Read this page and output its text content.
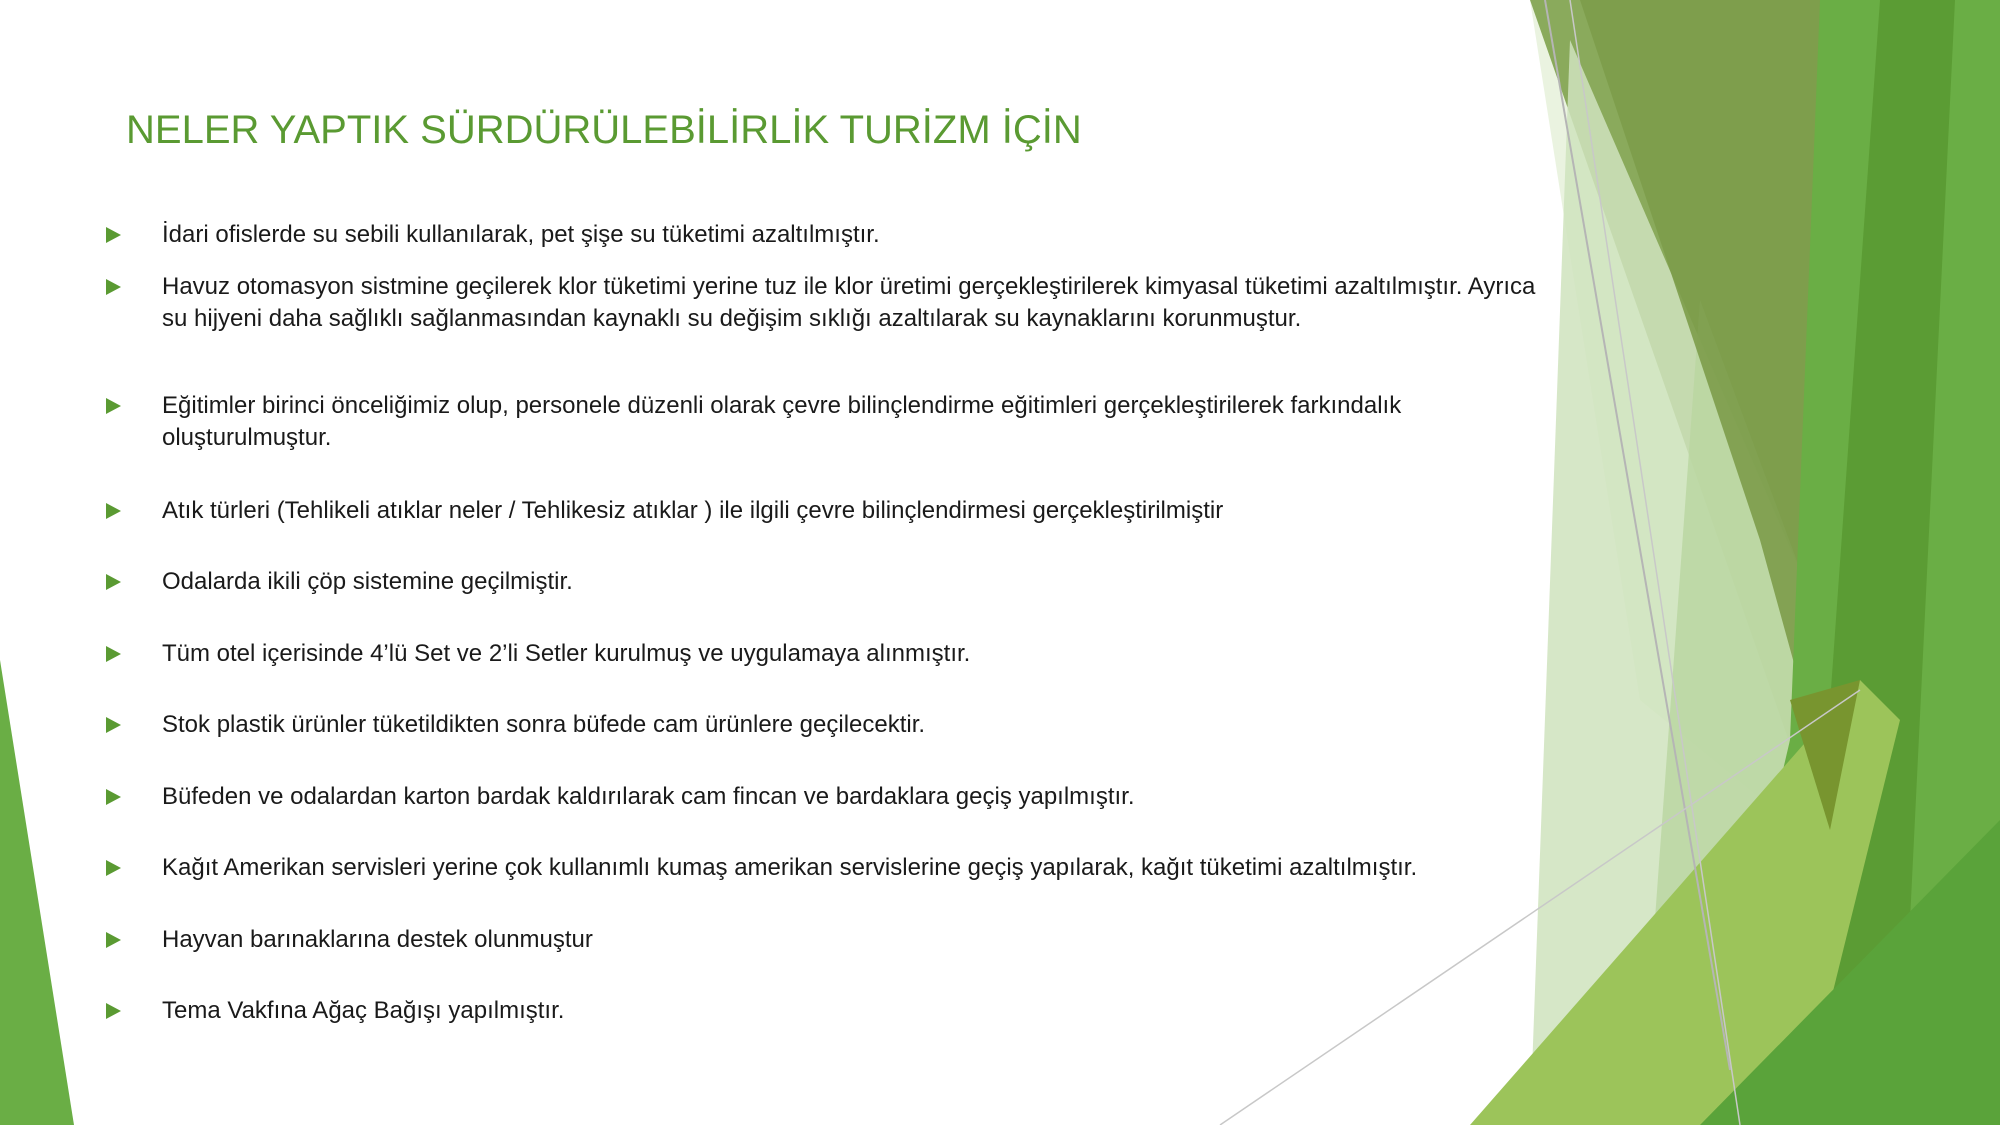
NELER YAPTIK SÜRDÜRÜLEBİLİRLİK TURİZM İÇİN
İdari ofislerde su sebili kullanılarak, pet şişe su tüketimi azaltılmıştır.
Havuz otomasyon sistmine geçilerek klor tüketimi yerine tuz ile klor üretimi gerçekleştirilerek kimyasal tüketimi azaltılmıştır. Ayrıca su hijyeni daha sağlıklı sağlanmasından kaynaklı su değişim sıklığı azaltılarak su kaynaklarını korunmuştur.
Eğitimler birinci önceliğimiz olup, personele düzenli olarak çevre bilinçlendirme eğitimleri gerçekleştirilerek farkındalık oluşturulmuştur.
Atık türleri (Tehlikeli atıklar neler / Tehlikesiz atıklar ) ile ilgili çevre bilinçlendirmesi gerçekleştirilmiştir
Odalarda ikili çöp sistemine geçilmiştir.
Tüm otel içerisinde 4’lü Set ve 2’li Setler kurulmuş ve uygulamaya alınmıştır.
Stok plastik ürünler tüketildikten sonra büfede cam ürünlere geçilecektir.
Büfeden ve odalardan karton bardak kaldırılarak cam fincan ve bardaklara geçiş yapılmıştır.
Kağıt Amerikan servisleri yerine çok kullanımlı kumaş amerikan servislerine geçiş yapılarak, kağıt tüketimi azaltılmıştır.
Hayvan barınaklarına destek olunmuştur
Tema Vakfına Ağaç Bağışı yapılmıştır.
